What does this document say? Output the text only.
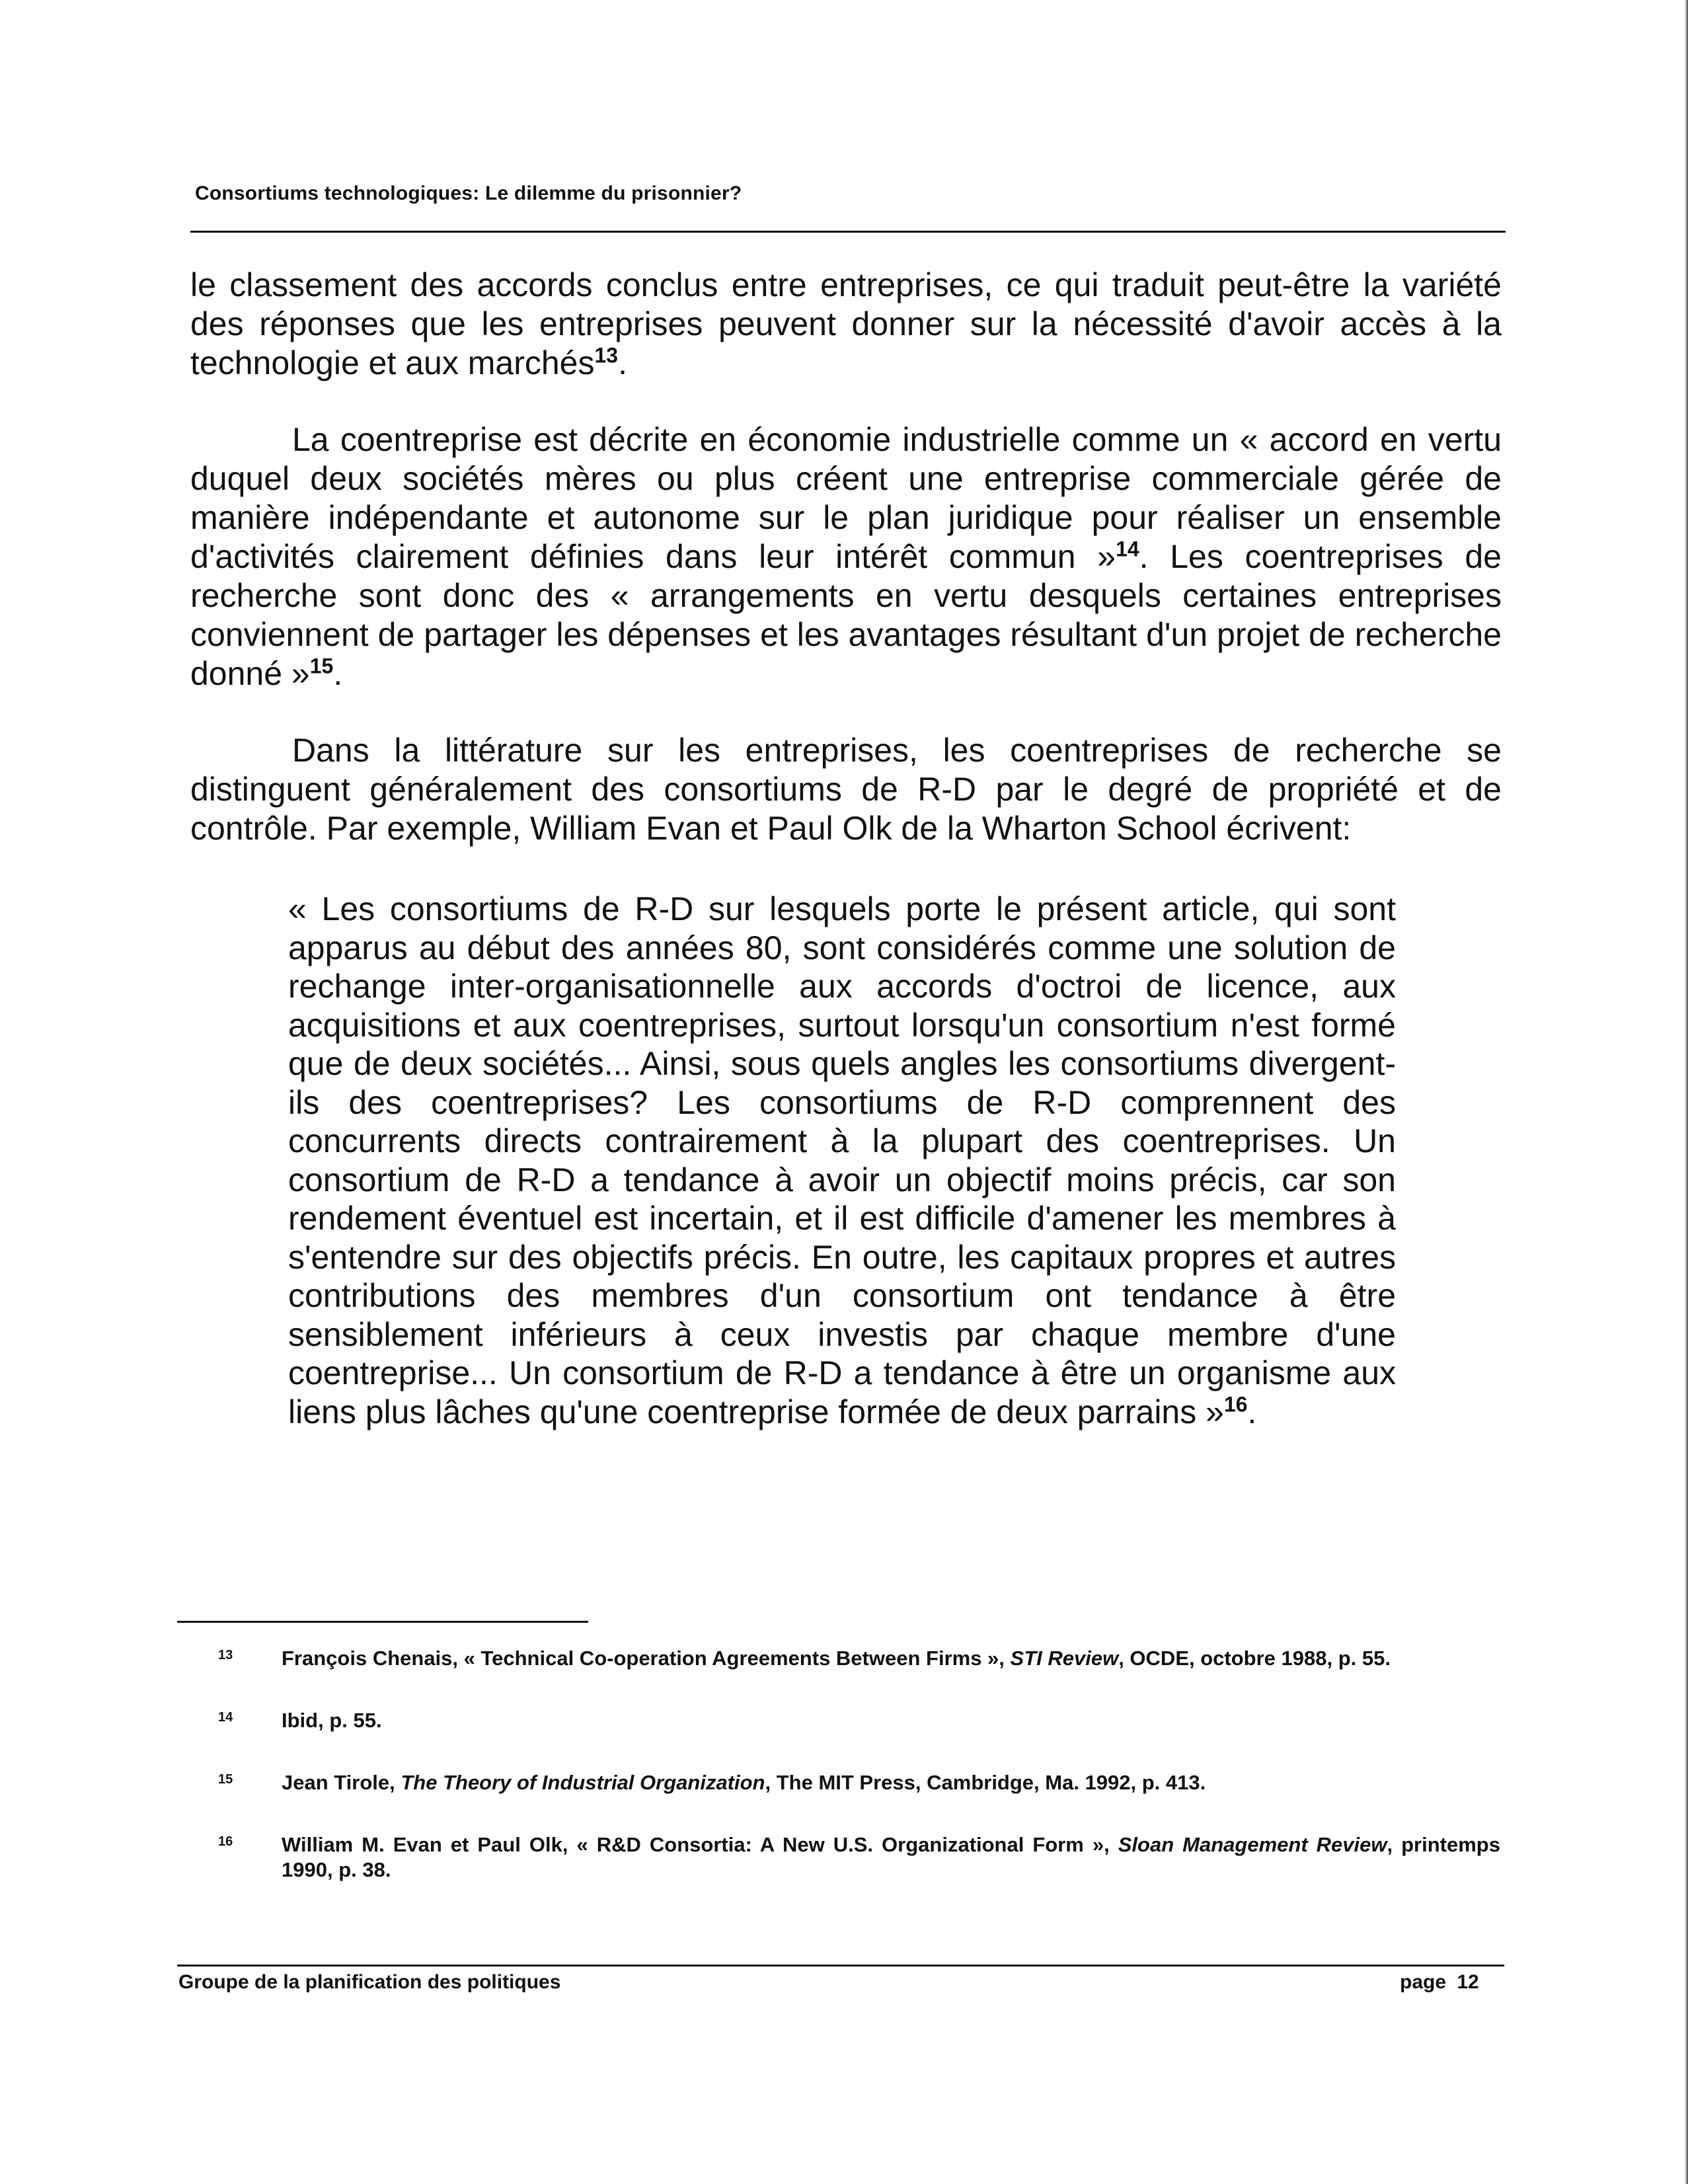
Consortiums technologiques: Le dilemme du prisonnier?

le classement des accords conclus entre entreprises, ce qui traduit peut-être la variété des réponses que les entreprises peuvent donner sur la nécessité d'avoir accès à la technologie et aux marchés$^{13}$.

La coentreprise est décrite en économie industrielle comme un « accord en vertu duquel deux sociétés mères ou plus créent une entreprise commerciale gérée de manière indépendante et autonome sur le plan juridique pour réaliser un ensemble d'activités clairement définies dans leur intérêt commun »$^{14}$. Les coentreprises de recherche sont donc des « arrangements en vertu desquels certaines entreprises conviennent de partager les dépenses et les avantages résultant d'un projet de recherche donné »$^{15}$.

Dans la littérature sur les entreprises, les coentreprises de recherche se distinguent généralement des consortiums de R-D par le degré de propriété et de contrôle. Par exemple, William Evan et Paul Olk de la Wharton School écrivent:

« Les consortiums de R-D sur lesquels porte le présent article, qui sont apparus au début des années 80, sont considérés comme une solution de rechange inter-organisationnelle aux accords d'octroi de licence, aux acquisitions et aux coentreprises, surtout lorsqu'un consortium n'est formé que de deux sociétés... Ainsi, sous quels angles les consortiums divergent-ils des coentreprises? Les consortiums de R-D comprennent des concurrents directs contrairement à la plupart des coentreprises. Un consortium de R-D a tendance à avoir un objectif moins précis, car son rendement éventuel est incertain, et il est difficile d'amener les membres à s'entendre sur des objectifs précis. En outre, les capitaux propres et autres contributions des membres d'un consortium ont tendance à être sensiblement inférieurs à ceux investis par chaque membre d'une coentreprise... Un consortium de R-D a tendance à être un organisme aux liens plus lâches qu'une coentreprise formée de deux parrains »$^{16}$.
13	François Chenais, « Technical Co-operation Agreements Between Firms », STI Review, OCDE, octobre 1988, p. 55.
14	Ibid, p. 55.
15	Jean Tirole, The Theory of Industrial Organization, The MIT Press, Cambridge, Ma. 1992, p. 413.
16	William M. Evan et Paul Olk, « R&D Consortia: A New U.S. Organizational Form », Sloan Management Review, printemps 1990, p. 38.
Groupe de la planification des politiques	page 12
